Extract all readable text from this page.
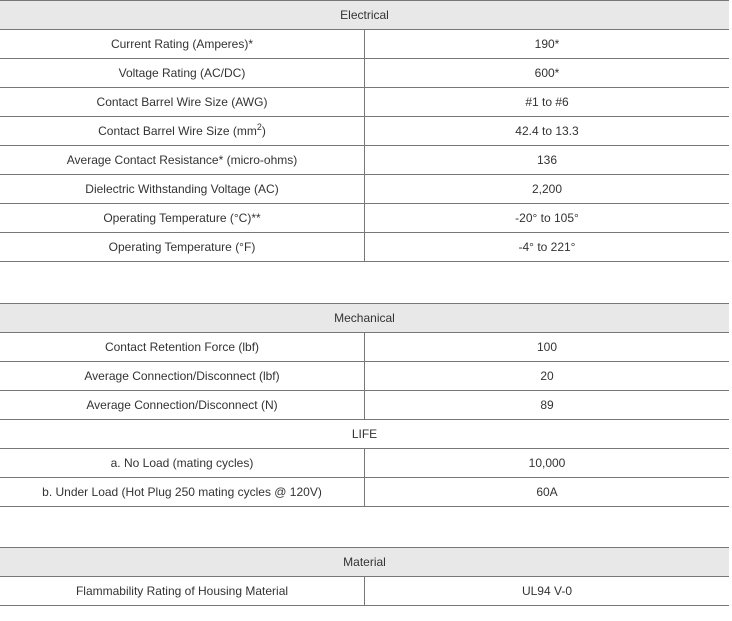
Electrical	
Current Rating (Amperes)*	190*
Voltage Rating (AC/DC)	600*
Contact Barrel Wire Size (AWG)	#1 to #6
Contact Barrel Wire Size $(mm^2)$	42.4 to 13.3
Average Contact Resistance* (micro-ohms)	136
Dielectric Withstanding Voltage (AC)	2,200
Operating Temperature (°C)**	-20° to 105°
Operating Temperature (°F)	-4° to 221°
Mechanical	
Contact Retention Force (lbf)	100
Average Connection/Disconnect (lbf)	20
Average Connection/Disconnect (N)	89
LIFE	
a. No Load (mating cycles)	10,000
b. Under Load (Hot Plug 250 mating cycles @ 120V)	60A
Material
Flammability Rating of Housing Material	UL94 V-0
